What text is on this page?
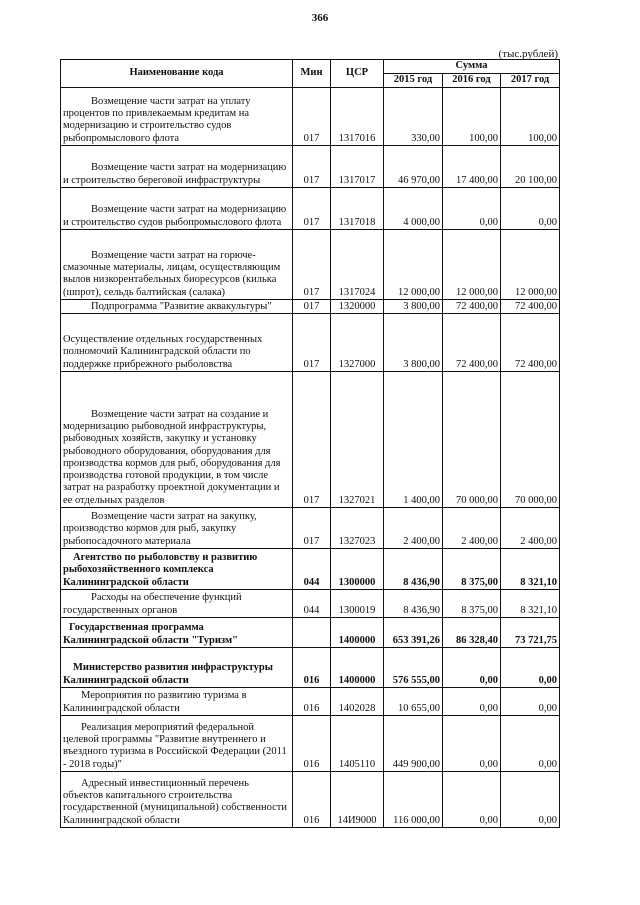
366
(тыс.рублей)
Наименование кода	Мин	ЦСР	Сумма		
			2015 год	2016 год	2017 год
Возмещение части затрат на уплату процентов по привлекаемым кредитам на модернизацию и строительство судов рыбопромыслового флота	017	1317016	330,00	100,00	100,00
Возмещение части затрат на модернизацию и строительство береговой инфраструктуры	017	1317017	46 970,00	17 400,00	20 100,00
Возмещение части затрат на модернизацию и строительство судов рыбопромыслового флота	017	1317018	4 000,00	0,00	0,00
Возмещение части затрат на горюче-смазочные материалы, лицам, осуществляющим вылов низкорентабельных биоресурсов (килька (шпрот), сельдь балтийская (салака)	017	1317024	12 000,00	12 000,00	12 000,00
Подпрограмма "Развитие аквакультуры"	017	1320000	3 800,00	72 400,00	72 400,00
Осуществление отдельных государственных полномочий Калининградской области по поддержке прибрежного рыболовства	017	1327000	3 800,00	72 400,00	72 400,00
Возмещение части затрат на создание и модернизацию рыбоводной инфраструктуры, рыбоводных хозяйств, закупку и установку рыбоводного оборудования, оборудования для производства кормов для рыб, оборудования для производства готовой продукции, в том числе затрат на разработку проектной документации и ее отдельных разделов	017	1327021	1 400,00	70 000,00	70 000,00
Возмещение части затрат на закупку, производство кормов для рыб, закупку рыбопосадочного материала	017	1327023	2 400,00	2 400,00	2 400,00
Агентство по рыболовству и развитию рыбохозяйственного комплекса Калининградской области	044	1300000	8 436,90	8 375,00	8 321,10
Расходы на обеспечение функций государственных органов	044	1300019	8 436,90	8 375,00	8 321,10
Государственная программа Калининградской области "Туризм"		1400000	653 391,26	86 328,40	73 721,75
Министерство развития инфраструктуры Калининградской области	016	1400000	576 555,00	0,00	0,00
Мероприятия по развитию туризма в Калининградской области	016	1402028	10 655,00	0,00	0,00
Реализация мероприятий федеральной целевой программы "Развитие внутреннего и въездного туризма в Российской Федерации (2011 - 2018 годы)"	016	1405110	449 900,00	0,00	0,00
Адресный инвестиционный перечень объектов капитального строительства государственной (муниципальной) собственности Калининградской области	016	14И9000	116 000,00	0,00	0,00
